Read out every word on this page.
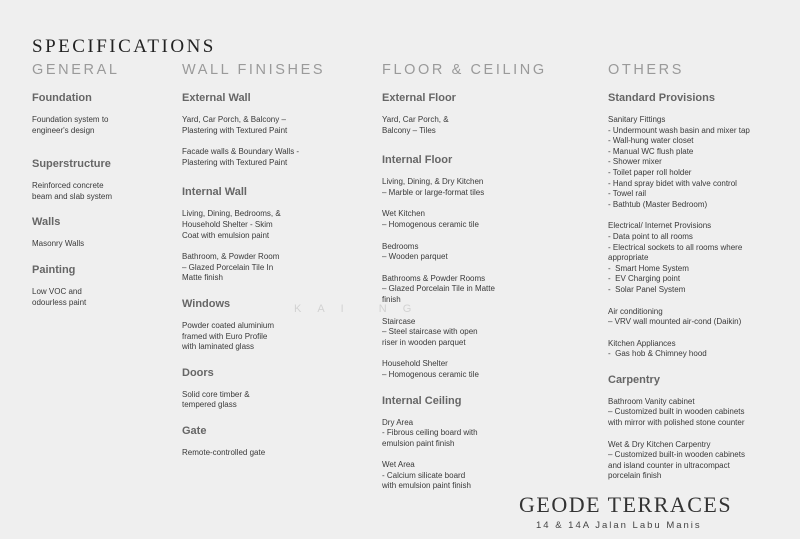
SPECIFICATIONS
GENERAL
Foundation
Foundation system to
engineer's design
Superstructure
Reinforced concrete
beam and slab system
Walls
Masonry Walls
Painting
Low VOC and
odourless paint
WALL FINISHES
External Wall
Yard, Car Porch, & Balcony –
Plastering with Textured Paint
Facade walls & Boundary Walls -
Plastering with Textured Paint
Internal Wall
Living, Dining, Bedrooms, &
Household Shelter - Skim
Coat with emulsion paint
Bathroom, & Powder Room
– Glazed Porcelain Tile In
Matte finish
Windows
Powder coated aluminium
framed with Euro Profile
with laminated glass
Doors
Solid core timber &
tempered glass
Gate
Remote-controlled gate
FLOOR & CEILING
External Floor
Yard, Car Porch, &
Balcony – Tiles
Internal Floor
Living, Dining, & Dry Kitchen
– Marble or large-format tiles
Wet Kitchen
– Homogenous ceramic tile
Bedrooms
– Wooden parquet
Bathrooms & Powder Rooms
– Glazed Porcelain Tile in Matte
finish
Staircase
– Steel staircase with open
riser in wooden parquet
Household Shelter
– Homogenous ceramic tile
Internal Ceiling
Dry Area
- Fibrous ceiling board with
emulsion paint finish
Wet Area
- Calcium silicate board
with emulsion paint finish
OTHERS
Standard Provisions
Sanitary Fittings
- Undermount wash basin and mixer tap
- Wall-hung water closet
- Manual WC flush plate
- Shower mixer
- Toilet paper roll holder
- Hand spray bidet with valve control
- Towel rail
- Bathtub (Master Bedroom)
Electrical/ Internet Provisions
- Data point to all rooms
- Electrical sockets to all rooms where
appropriate
-  Smart Home System
-  EV Charging point
-  Solar Panel System
Air conditioning
– VRV wall mounted air-cond (Daikin)
Kitchen Appliances
-  Gas hob & Chimney hood
Carpentry
Bathroom Vanity cabinet
– Customized built in wooden cabinets
with mirror with polished stone counter
Wet & Dry Kitchen Carpentry
– Customized built-in wooden cabinets
and island counter in ultracompact
porcelain finish
KAI NG
GEODE TERRACES
14 & 14A Jalan Labu Manis
